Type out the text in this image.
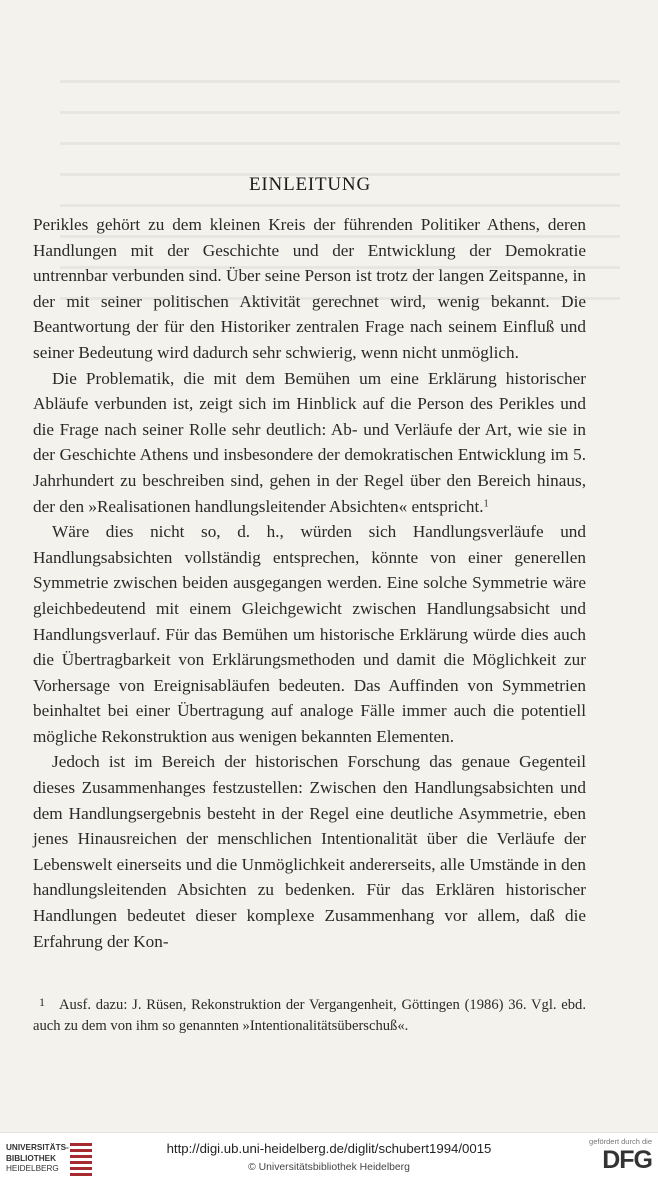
EINLEITUNG

Perikles gehört zu dem kleinen Kreis der führenden Politiker Athens, deren Handlungen mit der Geschichte und der Entwicklung der Demokratie untrennbar verbunden sind. Über seine Person ist trotz der langen Zeitspanne, in der mit seiner politischen Aktivität gerechnet wird, wenig bekannt. Die Beantwortung der für den Historiker zentralen Frage nach seinem Einfluß und seiner Bedeutung wird dadurch sehr schwierig, wenn nicht unmöglich.

Die Problematik, die mit dem Bemühen um eine Erklärung historischer Abläufe verbunden ist, zeigt sich im Hinblick auf die Person des Perikles und die Frage nach seiner Rolle sehr deutlich: Ab- und Verläufe der Art, wie sie in der Geschichte Athens und insbesondere der demokratischen Entwicklung im 5. Jahrhundert zu beschreiben sind, gehen in der Regel über den Bereich hinaus, der den »Realisationen handlungsleitender Absichten« entspricht.$^1$

Wäre dies nicht so, d. h., würden sich Handlungsverläufe und Handlungsabsichten vollständig entsprechen, könnte von einer generellen Symmetrie zwischen beiden ausgegangen werden. Eine solche Symmetrie wäre gleichbedeutend mit einem Gleichgewicht zwischen Handlungsabsicht und Handlungsverlauf. Für das Bemühen um historische Erklärung würde dies auch die Übertragbarkeit von Erklärungsmethoden und damit die Möglichkeit zur Vorhersage von Ereignisabläufen bedeuten. Das Auffinden von Symmetrien beinhaltet bei einer Übertragung auf analoge Fälle immer auch die potentiell mögliche Rekonstruktion aus wenigen bekannten Elementen.

Jedoch ist im Bereich der historischen Forschung das genaue Gegenteil dieses Zusammenhanges festzustellen: Zwischen den Handlungsabsichten und dem Handlungsergebnis besteht in der Regel eine deutliche Asymmetrie, eben jenes Hinausreichen der menschlichen Intentionalität über die Verläufe der Lebenswelt einerseits und die Unmöglichkeit andererseits, alle Umstände in den handlungsleitenden Absichten zu bedenken. Für das Erklären historischer Handlungen bedeutet dieser komplexe Zusammenhang vor allem, daß die Erfahrung der Kon-

1 Ausf. dazu: J. Rüsen, Rekonstruktion der Vergangenheit, Göttingen (1986) 36. Vgl. ebd. auch zu dem von ihm so genannten »Intentionalitätsüberschuß«.
UNIVERSITÄTS-
BIBLIOTHEK
HEIDELBERG
http://digi.ub.uni-heidelberg.de/diglit/schubert1994/0015
© Universitätsbibliothek Heidelberg
gefördert durch die
DFG
